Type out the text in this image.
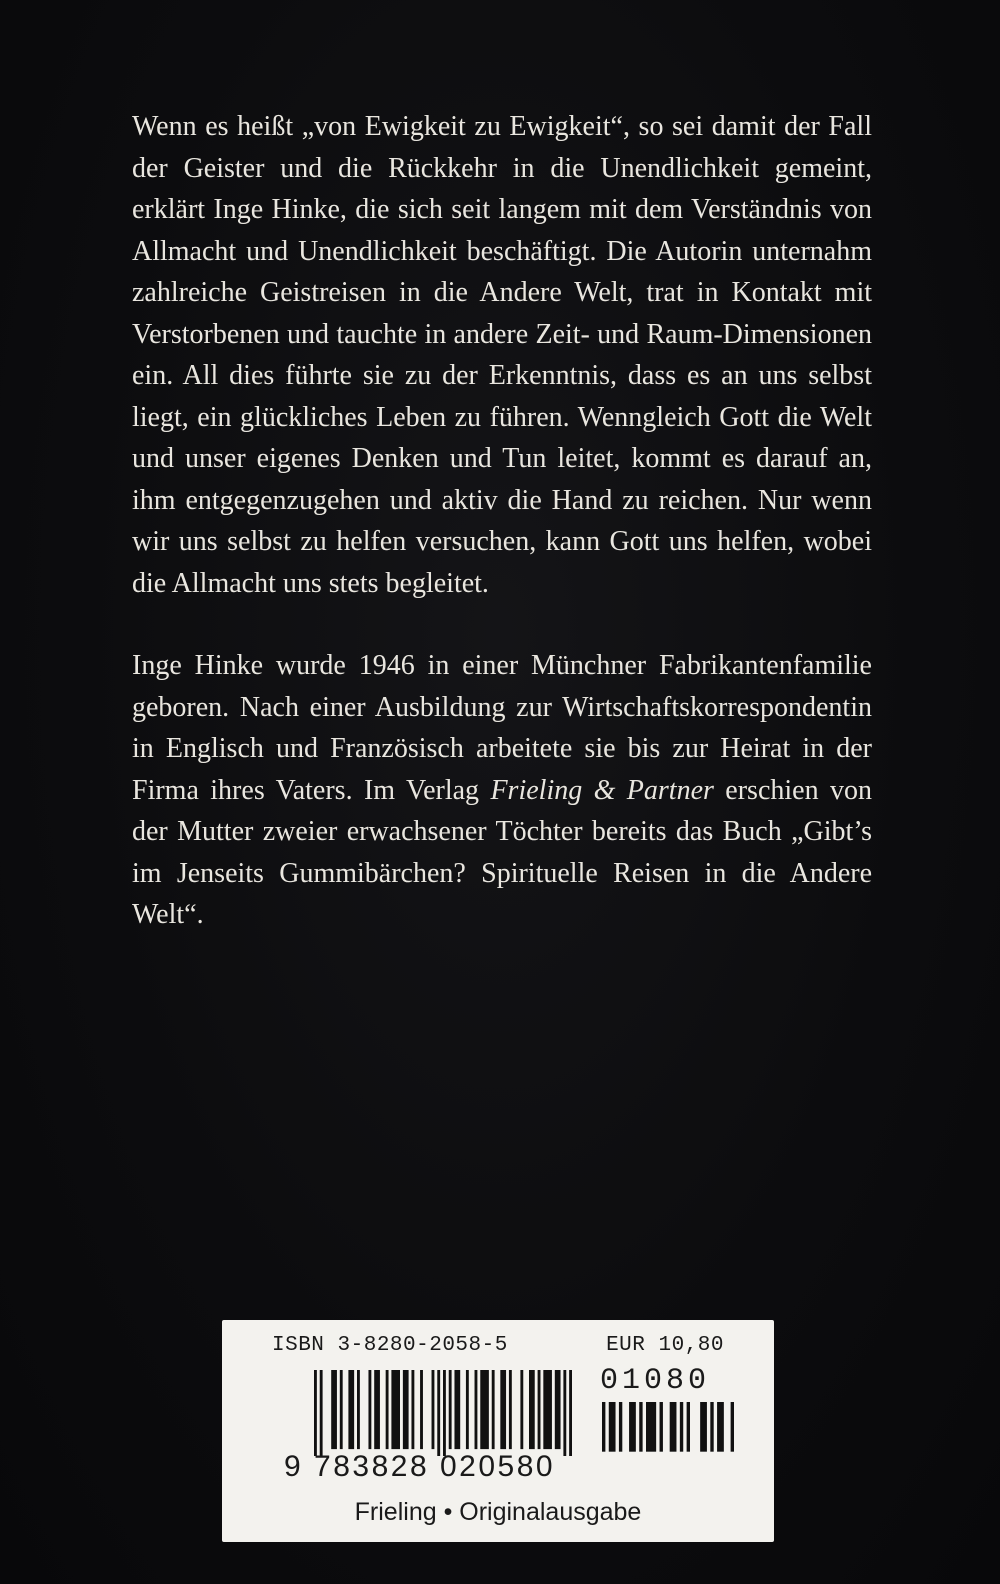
Wenn es heißt „von Ewigkeit zu Ewigkeit“, so sei damit der Fall der Geister und die Rückkehr in die Unendlichkeit gemeint, erklärt Inge Hinke, die sich seit langem mit dem Verständnis von Allmacht und Unendlichkeit beschäftigt. Die Autorin unternahm zahlreiche Geistreisen in die Andere Welt, trat in Kontakt mit Verstorbenen und tauchte in andere Zeit- und Raum-Dimensionen ein. All dies führte sie zu der Erkenntnis, dass es an uns selbst liegt, ein glückliches Leben zu führen. Wenngleich Gott die Welt und unser eigenes Denken und Tun leitet, kommt es darauf an, ihm entgegenzugehen und aktiv die Hand zu reichen. Nur wenn wir uns selbst zu helfen versuchen, kann Gott uns helfen, wobei die Allmacht uns stets begleitet.

Inge Hinke wurde 1946 in einer Münchner Fabrikantenfamilie geboren. Nach einer Ausbildung zur Wirtschaftskorrespondentin in Englisch und Französisch arbeitete sie bis zur Heirat in der Firma ihres Vaters. Im Verlag Frieling & Partner erschien von der Mutter zweier erwachsener Töchter bereits das Buch „Gibt’s im Jenseits Gummibärchen? Spirituelle Reisen in die Andere Welt“.

ISBN 3-8280-2058-5	EUR 10,80
9 783828 020580
01080
Frieling • Originalausgabe
